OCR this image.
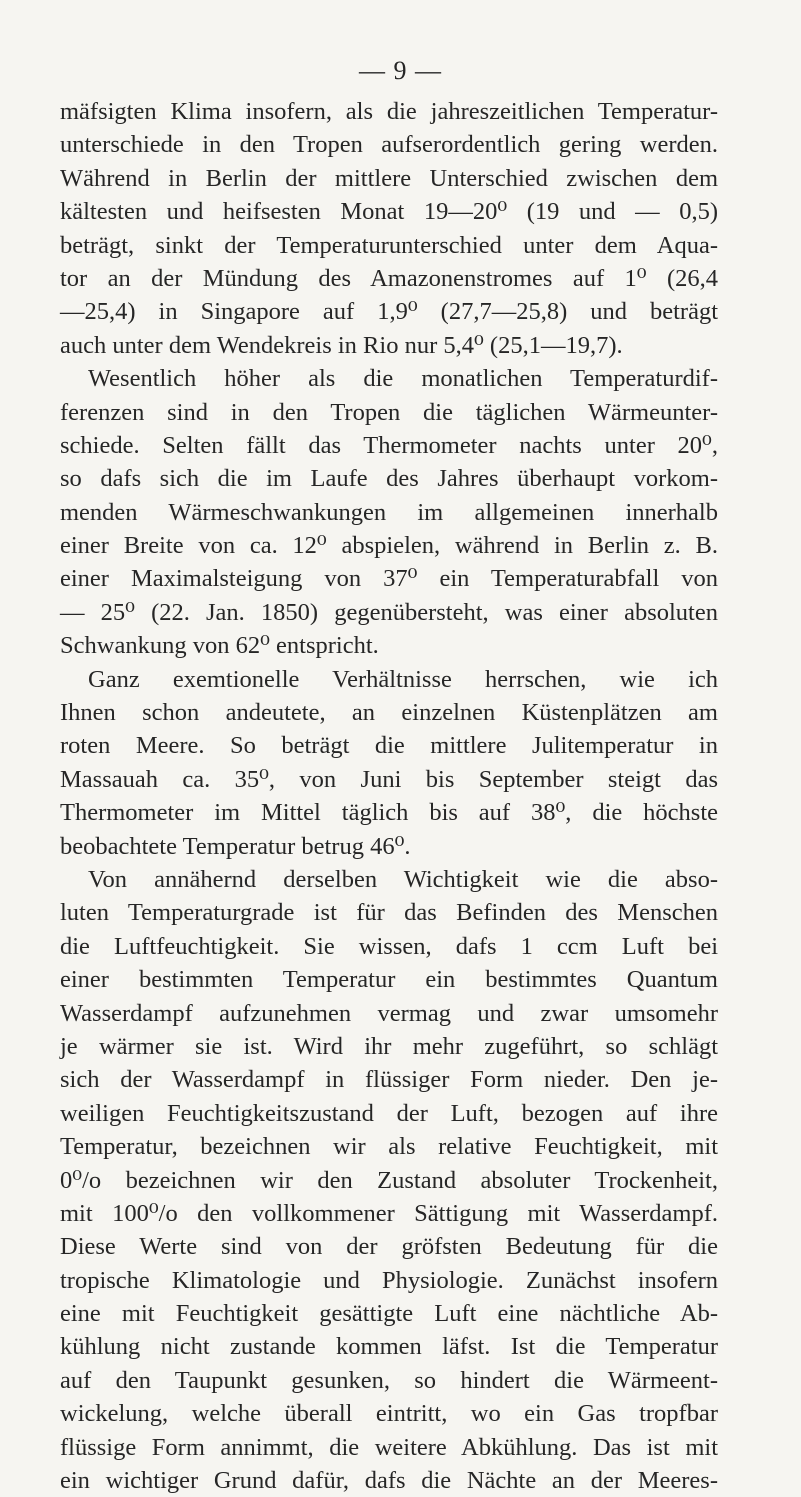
— 9 —
mäfsigten Klima insofern, als die jahreszeitlichen Temperatur-
unterschiede in den Tropen aufserordentlich gering werden.
Während in Berlin der mittlere Unterschied zwischen dem
kältesten und heifsesten Monat 19—20⁰ (19 und — 0,5)
beträgt, sinkt der Temperaturunterschied unter dem Aqua-
tor an der Mündung des Amazonenstromes auf 1⁰ (26,4
—25,4) in Singapore auf 1,9⁰ (27,7—25,8) und beträgt
auch unter dem Wendekreis in Rio nur 5,4⁰ (25,1—19,7).
Wesentlich höher als die monatlichen Temperaturdif-
ferenzen sind in den Tropen die täglichen Wärmeunter-
schiede. Selten fällt das Thermometer nachts unter 20⁰,
so dafs sich die im Laufe des Jahres überhaupt vorkom-
menden Wärmeschwankungen im allgemeinen innerhalb
einer Breite von ca. 12⁰ abspielen, während in Berlin z. B.
einer Maximalsteigung von 37⁰ ein Temperaturabfall von
— 25⁰ (22. Jan. 1850) gegenübersteht, was einer absoluten
Schwankung von 62⁰ entspricht.
Ganz exemtionelle Verhältnisse herrschen, wie ich
Ihnen schon andeutete, an einzelnen Küstenplätzen am
roten Meere. So beträgt die mittlere Julitemperatur in
Massauah ca. 35⁰, von Juni bis September steigt das
Thermometer im Mittel täglich bis auf 38⁰, die höchste
beobachtete Temperatur betrug 46⁰.
Von annähernd derselben Wichtigkeit wie die abso-
luten Temperaturgrade ist für das Befinden des Menschen
die Luftfeuchtigkeit. Sie wissen, dafs 1 ccm Luft bei
einer bestimmten Temperatur ein bestimmtes Quantum
Wasserdampf aufzunehmen vermag und zwar umsomehr
je wärmer sie ist. Wird ihr mehr zugeführt, so schlägt
sich der Wasserdampf in flüssiger Form nieder. Den je-
weiligen Feuchtigkeitszustand der Luft, bezogen auf ihre
Temperatur, bezeichnen wir als relative Feuchtigkeit, mit
0⁰/o bezeichnen wir den Zustand absoluter Trockenheit,
mit 100⁰/o den vollkommener Sättigung mit Wasserdampf.
Diese Werte sind von der gröfsten Bedeutung für die
tropische Klimatologie und Physiologie. Zunächst insofern
eine mit Feuchtigkeit gesättigte Luft eine nächtliche Ab-
kühlung nicht zustande kommen läfst. Ist die Temperatur
auf den Taupunkt gesunken, so hindert die Wärmeent-
wickelung, welche überall eintritt, wo ein Gas tropfbar
flüssige Form annimmt, die weitere Abkühlung. Das ist mit
ein wichtiger Grund dafür, dafs die Nächte an der Meeres-
